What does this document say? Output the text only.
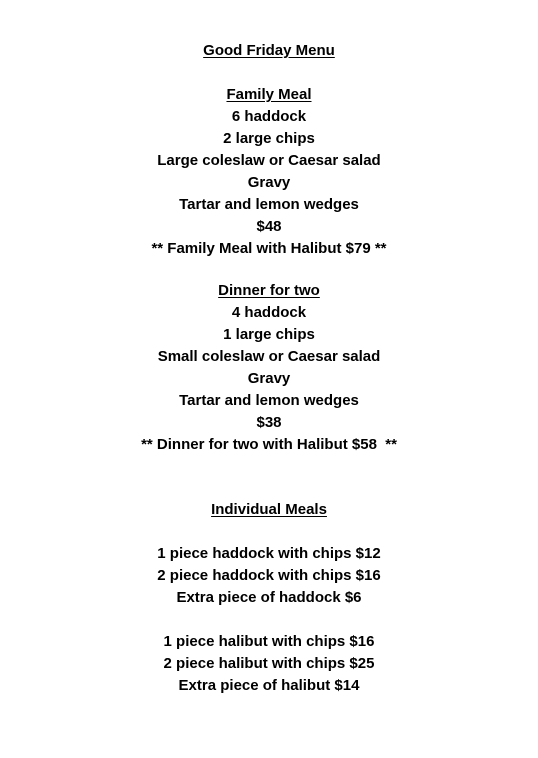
Good Friday Menu
Family Meal
6 haddock
2 large chips
Large coleslaw or Caesar salad
Gravy
Tartar and lemon wedges
$48
** Family Meal with Halibut $79 **
Dinner for two
4 haddock
1 large chips
Small coleslaw or Caesar salad
Gravy
Tartar and lemon wedges
$38
** Dinner for two with Halibut $58  **
Individual Meals
1 piece haddock with chips $12
2 piece haddock with chips $16
Extra piece of haddock $6
1 piece halibut with chips $16
2 piece halibut with chips $25
Extra piece of halibut $14
